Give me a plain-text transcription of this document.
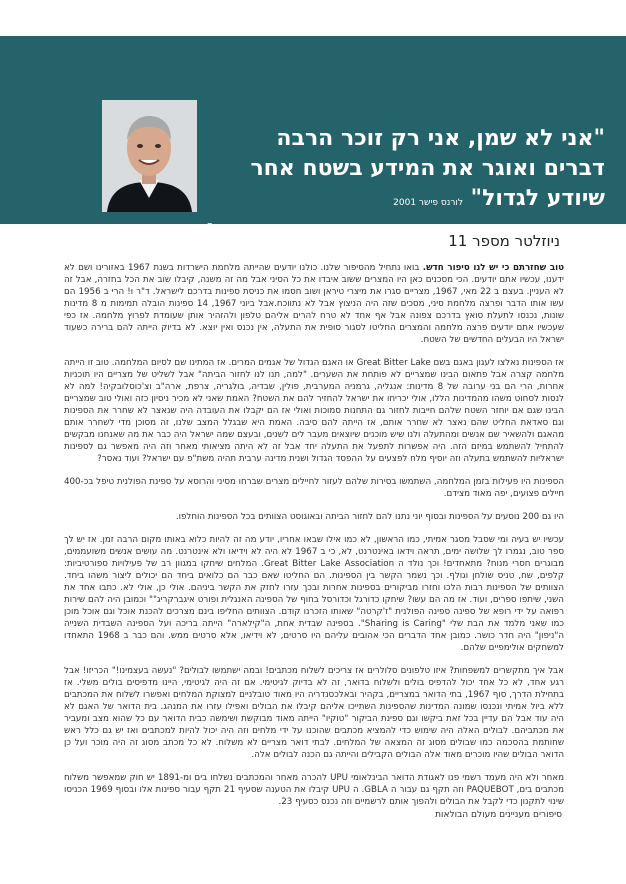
לורנס פישר
"אני לא שמן, אני רק זוכר הרבה דברים ואוגר את המידע בשטח אחר שיודע לגדול" לורנס פישר 2001
ניוזלטר מספר 11

טוב שחזרתם כי יש לנו סיפור חדש. בואו נתחיל מהסיפור שלנו. כולנו יודעים שהייתה מלחמת הישרדות בשנת 1967 באזורינו ושם לא ידענו, עכשיו אתם יודעים. הכי מסכנים כאן היו המצרים ששוב איבדו את כל הסיני אבל מה זה משנה, קיבלו שוב את הכל בחזרה, אבל זה לא העניין. בעצם ב 22 מאי, 1967, מצריים סגרו את מיצרי טיראן ושוב חסמו את כניסת ספינות בדרכם לישראל. ד"ר וּ! הרי ב 1956 הם עשו אותו הדבר ופרצה מלחמת סיני, מסכים שזה היה הניצוץ אבל לא נתווכח.אבל ביוני 1967, 14 ספינות הובלה תמימות מ 8 מדינות שונות, נכנסו לתעלת סואץ בדרכם צפונה אבל אף אחד לא טרח להרים אליהם טלפון ולהזהיר אותן שעומדת לפרוץ מלחמה. אז כפי שעכשיו אתם יודעים פרצה מלחמה והמצרים החליטו לסגור סופית את התעלה, אין נכנס ואין יוצא. לא בדיוק הייתה להם ברירה כשעוד ישראל היו הבעלים החדשים של השטח.

אז הספינות נאלצו לעגון באגם בשם Great Bitter Lake או האגם הגדול של אגמים המרים. אז המתינו שם לסיום המלחמה. טוב זו הייתה מלחמה קצרה אבל פתאום הבינו שמצריים לא פותחת את השערים. "למה, תנו לנו לחזור הביתה" אבל לשליט של מצריים היו תוכניות אחרות, הרי הם בני ערובה של 8 מדינות: אנגליה, גרמניה המערבית, פולין, שבדיה, בולגריה, צרפת, ארה"ב וצ'כוסלובקיה! למה לא לנסות לסחוט משהו מהמדינות הללו, אולי יכריחו את ישראל להחזיר להם את השטח? האמת שאני לא מכיר ניסיון כזה ואולי טוב שמצריים הבינו שגם אם יוחזר השטח שלהם חייבות לחזור גם התחנות סמוכות ואולי אז הם יקבלו את העובדה היה שנאצר לא שחרר את הספינות וגם סאדאת החליט שהם נאצר לא שחרר אותם, אז הייתה להם סיבה. האמת היא שבגלל המצב שלנו, זה מסוכן מדי לשחרר אותם מהאגם ולהשאיר שם אנשים ומהתעלה ולנו שיש מוכנים שיוצאים מעבר לים לשנים, ובעצם שמה ישראל היה כבר את מה שאנחנו מבקשים להתחיל להשתמש במיזם הזה. היה אפשרות לתפעל את התעלה יחד אבל זה לא היתה מציאותי מאחר וזה היה מאפשר גם לספינות ישראליות להשתמש בתעלה וזה יוסיף מלח לפצעים על ההפסד הגדול ושנית מדינה ערבית תהיה משת"פ עם ישראל? ועוד נאסר?

הספינות היו פעילות בזמן המלחמה, השתמשו בסירות שלהם לעזור לחיילים מצרים שברחו מסיני והרוסא על ספינת הפולנית טיפל בכ-400 חיילים פצועים, יפה מאוד מצידם.

היו גם 200 נוסעים על הספינות ובסוף יוני נתנו להם לחזור הביתה ובאוגוסט הצוותים בכל הספינות הוחלפו.

עכשיו יש בעיה ומי שסבל מסגר אמיתי, כמו הראשון, לא כמו אילו שבאו אחריו, יודע מה זה להיות כלוא באותו מקום הרבה זמן. אז יש לך ספר טוב, נגמרו לך שלושה ימים, תראה וידאו באינטרנט, לא, כי ב 1967 לא היה לא וידיאו ולא אינטרנט. מה עושים אנשים משועממים, מבוגרים חסרי מנוח? מתאחדים! וכך נולד ה Great Bitter Lake Association. המלחים שיחקו במגוון רב של פעילויות ספורטיביות: קלפים, שח, טניס שולחן וגולף. וכך נשמר הקשר בין הספינות. הם החליטו שאם כבר הם כלואים ביחד הם יכולים ליצור משהו ביחד. הצוותים של הספינות רבות הלכו וחזרו מביקורים בספינות אחרות ובכך עזרו לחזק את הקשר ביניהם. אולי כן, אולי לא. כתבו אחד את השני, שיתפו ספרים, ועוד. אז מה הם עשו? שיחקו כדורגל וכדורסל בחוף של הספינה האנגלית ופורט איגברקריג"" וכמובן היה להם שירות רפואה על ידי רופא של ספינה ספינה הפולנית "ז'קרטה" שאותו הזכרנו קודם. הצוותים החליפו בינם מצרכים להכנת אוכל וגם אוכל מוכן כמו שאני מלמד את הבת שלי "Sharing is Caring". בספינה שבדית אחת, ה"קילארה" הייתה בריכה ועל הספינה השבדית השנייה ה"ניפון" היה חדר כושר. כמובן אחד הדברים הכי אהובים עליהם היו סרטים, לא וידיאו, אלא סרטים ממש. והם כבר ב 1968 התאחדו למשחקים אולימפיים שלהם.

אבל איך מתקשרים למשפחות? איזו טלפונים סלולרים אז צריכים לשלוח מכתבים! ובמה ישתמשו לבולים? "נעשה בעצמינו!" הכריזו! אבל רגע אחד, לא כל אחד יכול להדפיס בולים ולשלוח בדואר, זה לא בדיוק לגיטימי. אם זה היה לגיטימי, היינו מדפיסים בולים משלי. אז בתחילת הדרך, סוף 1967, בתי הדואר במצריים, בקהיר ובאלכסנדריה היו מאוד טובלניים למצוקת המלחים ואפשרו לשלוח את המכתבים ללא ביול אמיתי ונכנסו שמונה המדינות שהספינות השתייכו אליהם קיבלו את הבולים ואפילו עזרו את המנהג. בית הדואר של האגם לא היה עוד אבל הם עדיין בכל זאת ביקשו וגם ספינת הביקור "טוקיו" הייתה מאוד מבוקשת ושימשה כבית הדואר עם כל שהוא מצב ומעביר את מכתביהם. לבולים האלה היה שימוש כדי להמציא מכתבים שהוכנו על ידי מלחים וזה היה יכול להיות למכתבים ואז יש גם כלל ראש שחותמת בהסכמה כמו שבולים מסוג זה המצאה של המלחים. לבתי דואר מצריים לא משלוח. לא כל מכתב מסוג זה היה מוכר ועל כן הדואר הבולים שהיו מוכרים מאוד אלה הבולים הקבילים והייתה גם הכנה לבולים אלה.

מאחר ולא היה מעמד רשמי פנו לאגודת הדואר הבינלאומי UPU להכרה מאחר והמכתבים נשלחו בים ומ-1891 יש חוק שמאפשר משלוח מכתבים בים, PAQUEBOT וזה תקף גם עבור ה GBLA. ה UPU קיבלו את הטענה שסעיף 21 תקף עבור ספינות אלו ובסוף 1969 הכניסו שינוי לתקנון כדי לקבל את הבולים ולהפוך אותם לרשמיים וזה נכנס כסעיף 23.

סיפורים מעניינים מעולם הבולאות
